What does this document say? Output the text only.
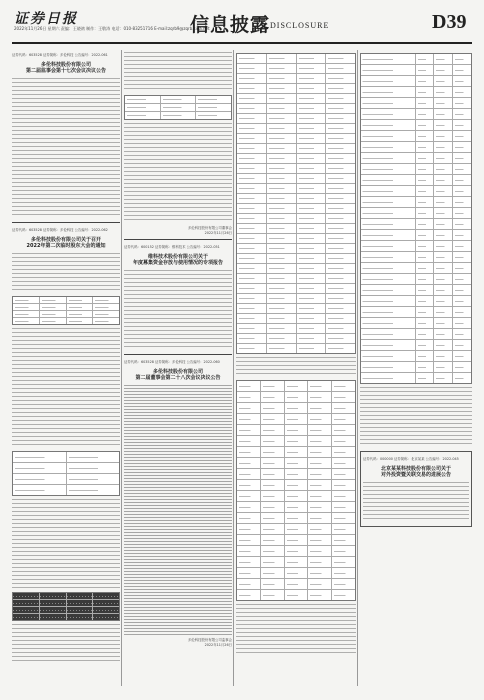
证券日报
2022年11月26日 星期六 责编：王晓鸽 制作：王敬涛 电话：010-83251716 E-mail:zqrb9@zqrb.sina.net
信息披露 DISCLOSURE	D39
证券代码：603528 证券简称：多伦科技 公告编号：2022-061
多伦科技股份有限公司
第二届监事会第十七次会议决议公告
证券代码：603528 证券简称：多伦科技 公告编号：2022-062
多伦科技股份有限公司关于召开
2022年第二次临时股东大会的通知
多伦科技股份有限公司董事会
2022年11月26日
证券代码：600152 证券简称：维科技术 公告编号：2022-051
维科技术股份有限公司关于
年度募集资金存放与使用情况的专项报告
证券代码：603528 证券简称：多伦科技 公告编号：2022-060
多伦科技股份有限公司
第二届董事会第二十八次会议决议公告
多伦科技股份有限公司监事会
2022年11月26日
证券代码：000000 证券简称：北京某某 公告编号：2022-045
北京某某科技股份有限公司关于
对外投资暨关联交易的进展公告
